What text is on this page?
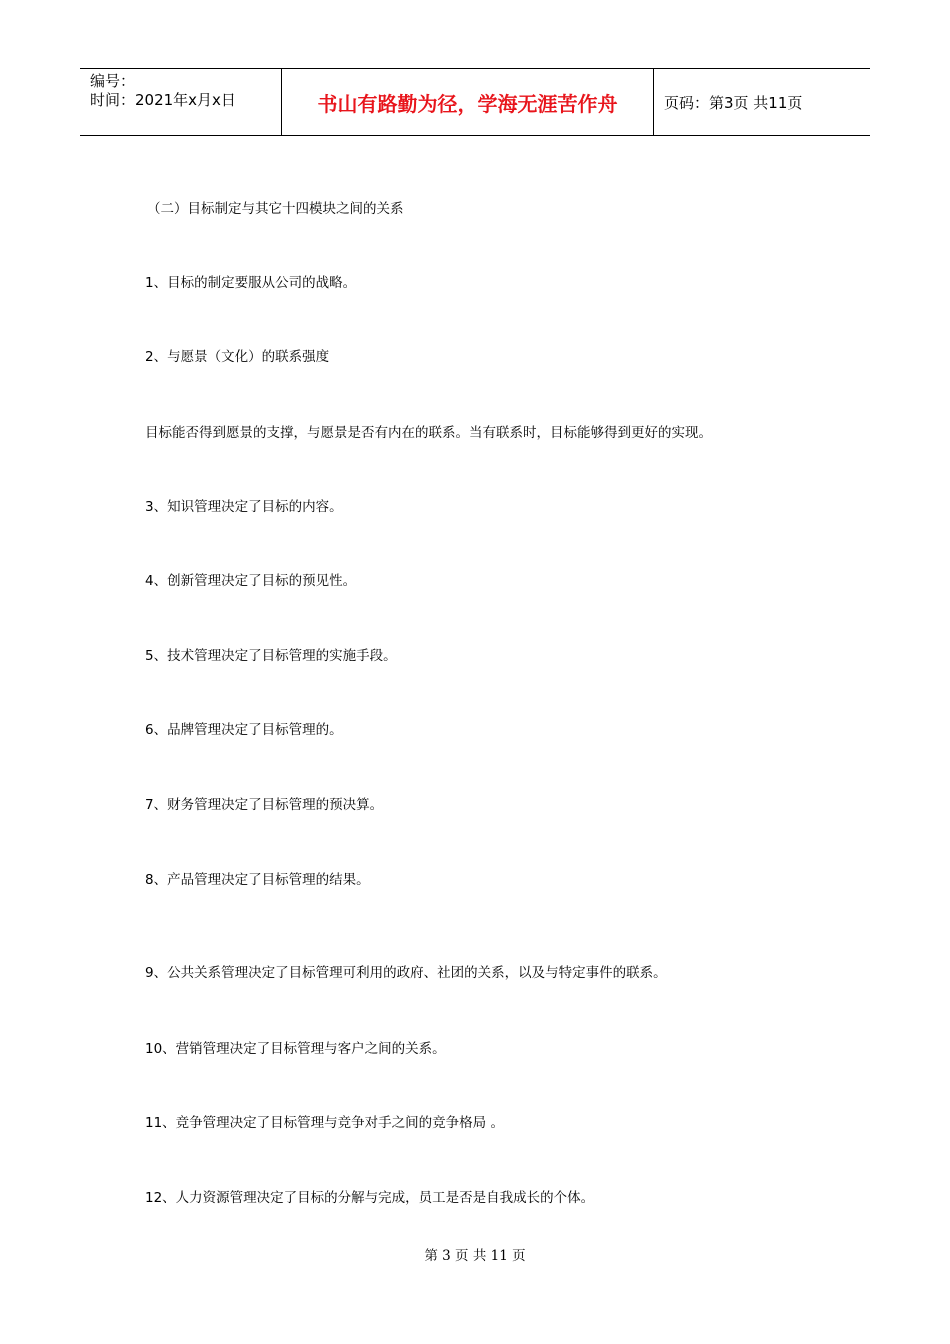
编号：
时间：2021年x月x日	书山有路勤为径，学海无涯苦作舟	页码：第3页 共11页
（二）目标制定与其它十四模块之间的关系
1、目标的制定要服从公司的战略。
2、与愿景（文化）的联系强度
目标能否得到愿景的支撑，与愿景是否有内在的联系。当有联系时，目标能够得到更好的实现。
3、知识管理决定了目标的内容。
4、创新管理决定了目标的预见性。
5、技术管理决定了目标管理的实施手段。
6、品牌管理决定了目标管理的。
7、财务管理决定了目标管理的预决算。
8、产品管理决定了目标管理的结果。
9、公共关系管理决定了目标管理可利用的政府、社团的关系，以及与特定事件的联系。
10、营销管理决定了目标管理与客户之间的关系。
11、竞争管理决定了目标管理与竞争对手之间的竞争格局 。
12、人力资源管理决定了目标的分解与完成，员工是否是自我成长的个体。
第 3 页 共 11 页
